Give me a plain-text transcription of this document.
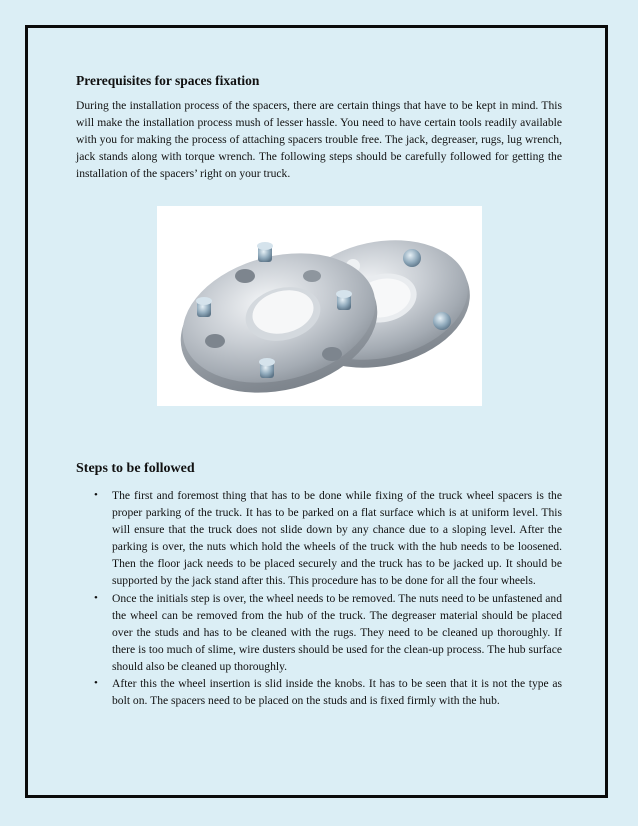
Prerequisites for spaces fixation
During the installation process of the spacers, there are certain things that have to be kept in mind. This will make the installation process mush of lesser hassle. You need to have certain tools readily available with you for making the process of attaching spacers trouble free. The jack, degreaser, rugs, lug wrench, jack stands along with torque wrench. The following steps should be carefully followed for getting the installation of the spacers’ right on your truck.
Steps to be followed
• The first and foremost thing that has to be done while fixing of the truck wheel spacers is the proper parking of the truck. It has to be parked on a flat surface which is at uniform level. This will ensure that the truck does not slide down by any chance due to a sloping level. After the parking is over, the nuts which hold the wheels of the truck with the hub needs to be loosened. Then the floor jack needs to be placed securely and the truck has to be jacked up. It should be supported by the jack stand after this. This procedure has to be done for all the four wheels.
• Once the initials step is over, the wheel needs to be removed. The nuts need to be unfastened and the wheel can be removed from the hub of the truck. The degreaser material should be placed over the studs and has to be cleaned with the rugs. They need to be cleaned up thoroughly. If there is too much of slime, wire dusters should be used for the clean-up process. The hub surface should also be cleaned up thoroughly.
• After this the wheel insertion is slid inside the knobs. It has to be seen that it is not the type as bolt on. The spacers need to be placed on the studs and is fixed firmly with the hub.
